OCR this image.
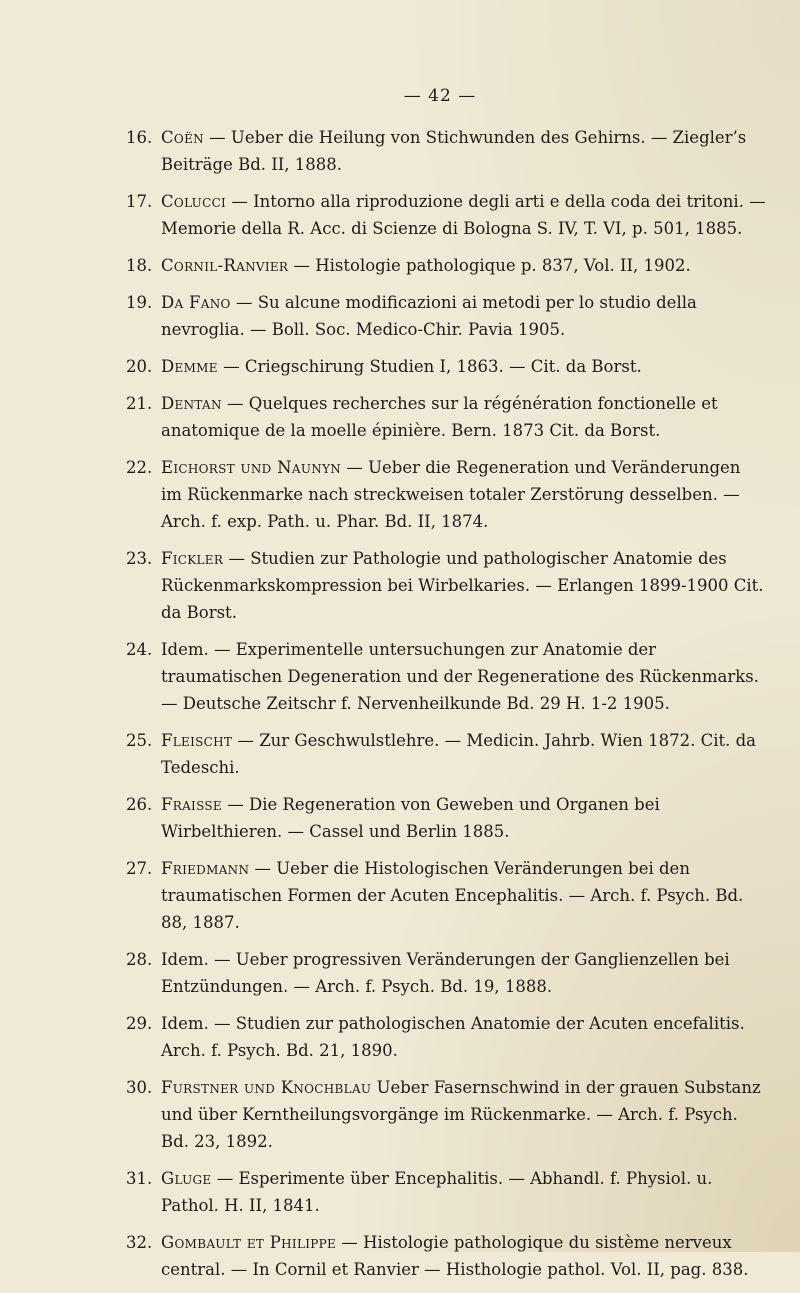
— 42 —
16. Coën — Ueber die Heilung von Stichwunden des Gehirns. — Ziegler’s Beiträge Bd. II, 1888.
17. Colucci — Intorno alla riproduzione degli arti e della coda dei tritoni. — Memorie della R. Acc. di Scienze di Bologna S. IV, T. VI, p. 501, 1885.
18. Cornil-Ranvier — Histologie pathologique p. 837, Vol. II, 1902.
19. Da Fano — Su alcune modificazioni ai metodi per lo studio della nevroglia. — Boll. Soc. Medico-Chir. Pavia 1905.
20. Demme — Criegschirung Studien I, 1863. — Cit. da Borst.
21. Dentan — Quelques recherches sur la régénération fonctionelle et anatomique de la moelle épinière. Bern. 1873 Cit. da Borst.
22. Eichorst und Naunyn — Ueber die Regeneration und Veränderungen im Rückenmarke nach streckweisen totaler Zerstörung desselben. — Arch. f. exp. Path. u. Phar. Bd. II, 1874.
23. Fickler — Studien zur Pathologie und pathologischer Anatomie des Rückenmarkskompression bei Wirbelkaries. — Erlangen 1899-1900 Cit. da Borst.
24. Idem. — Experimentelle untersuchungen zur Anatomie der traumatischen Degeneration und der Regeneratione des Rückenmarks. — Deutsche Zeitschr f. Nervenheilkunde Bd. 29 H. 1-2 1905.
25. Fleischt — Zur Geschwulstlehre. — Medicin. Jahrb. Wien 1872. Cit. da Tedeschi.
26. Fraisse — Die Regeneration von Geweben und Organen bei Wirbelthieren. — Cassel und Berlin 1885.
27. Friedmann — Ueber die Histologischen Veränderungen bei den traumatischen Formen der Acuten Encephalitis. — Arch. f. Psych. Bd. 88, 1887.
28. Idem. — Ueber progressiven Veränderungen der Ganglienzellen bei Entzündungen. — Arch. f. Psych. Bd. 19, 1888.
29. Idem. — Studien zur pathologischen Anatomie der Acuten encefalitis. Arch. f. Psych. Bd. 21, 1890.
30. Furstner und Knochblau Ueber Fasernschwind in der grauen Substanz und über Kerntheilungsvorgänge im Rückenmarke. — Arch. f. Psych. Bd. 23, 1892.
31. Gluge — Esperimente über Encephalitis. — Abhandl. f. Physiol. u. Pathol. H. II, 1841.
32. Gombault et Philippe — Histologie pathologique du sistème nerveux central. — In Cornil et Ranvier — Histhologie pathol. Vol. II, pag. 838.
